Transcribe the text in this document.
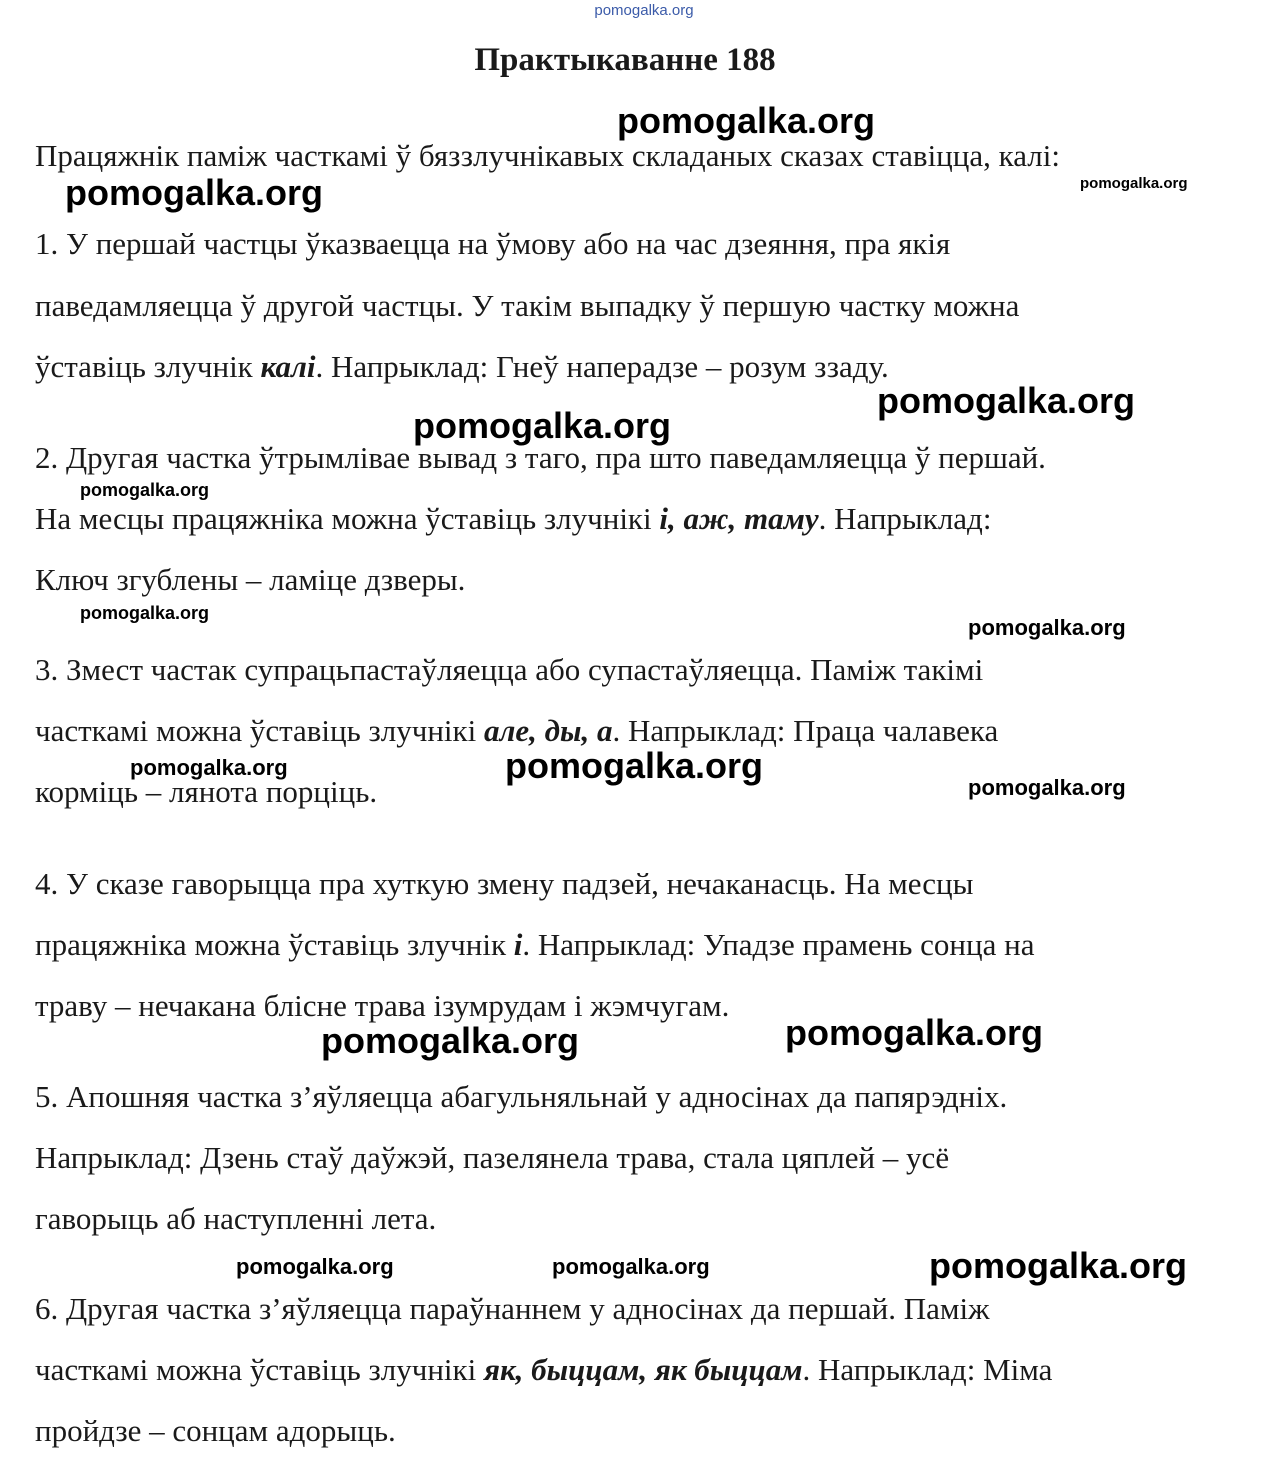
pomogalka.org
Практыкаванне 188
Працяжнік паміж часткамі ў бяззлучнікавых складаных сказах ставіцца, калі:
1. У першай частцы ўказваецца на ўмову або на час дзеяння, пра якія
паведамляецца ў другой частцы. У такім выпадку ў першую частку можна
ўставіць злучнік калі. Напрыклад: Гнеў наперадзе – розум ззаду.
2. Другая частка ўтрымлівае вывад з таго, пра што паведамляецца ў першай.
На месцы працяжніка можна ўставіць злучнікі і, аж, таму. Напрыклад:
Ключ згублены – ламіце дзверы.
3. Змест частак супрацьпастаўляецца або супастаўляецца. Паміж такімі
часткамі можна ўставіць злучнікі але, ды, а. Напрыклад: Праца чалавека
корміць – лянота порціць.
4. У сказе гаворыцца пра хуткую змену падзей, нечаканасць. На месцы
працяжніка можна ўставіць злучнік і. Напрыклад: Упадзе прамень сонца на
траву – нечакана бліснe трава ізумрудам і жэмчугам.
5. Апошняя частка з’яўляецца абагульняльнай у адносінах да папярэдніх.
Напрыклад: Дзень стаў даўжэй, пазелянела трава, стала цяплей – усё
гаворыць аб наступленні лета.
6. Другая частка з’яўляецца параўнаннем у адносінах да першай. Паміж
часткамі можна ўставіць злучнікі як, быццам, як быццам. Напрыклад: Міма
пройдзе – сонцам адорыць.
pomogalka.org
pomogalka.org	pomogalka.org
pomogalka.org
pomogalka.org
pomogalka.org
pomogalka.org
pomogalka.org
pomogalka.org	pomogalka.org
pomogalka.org
pomogalka.org	pomogalka.org
pomogalka.org	pomogalka.org	pomogalka.org
